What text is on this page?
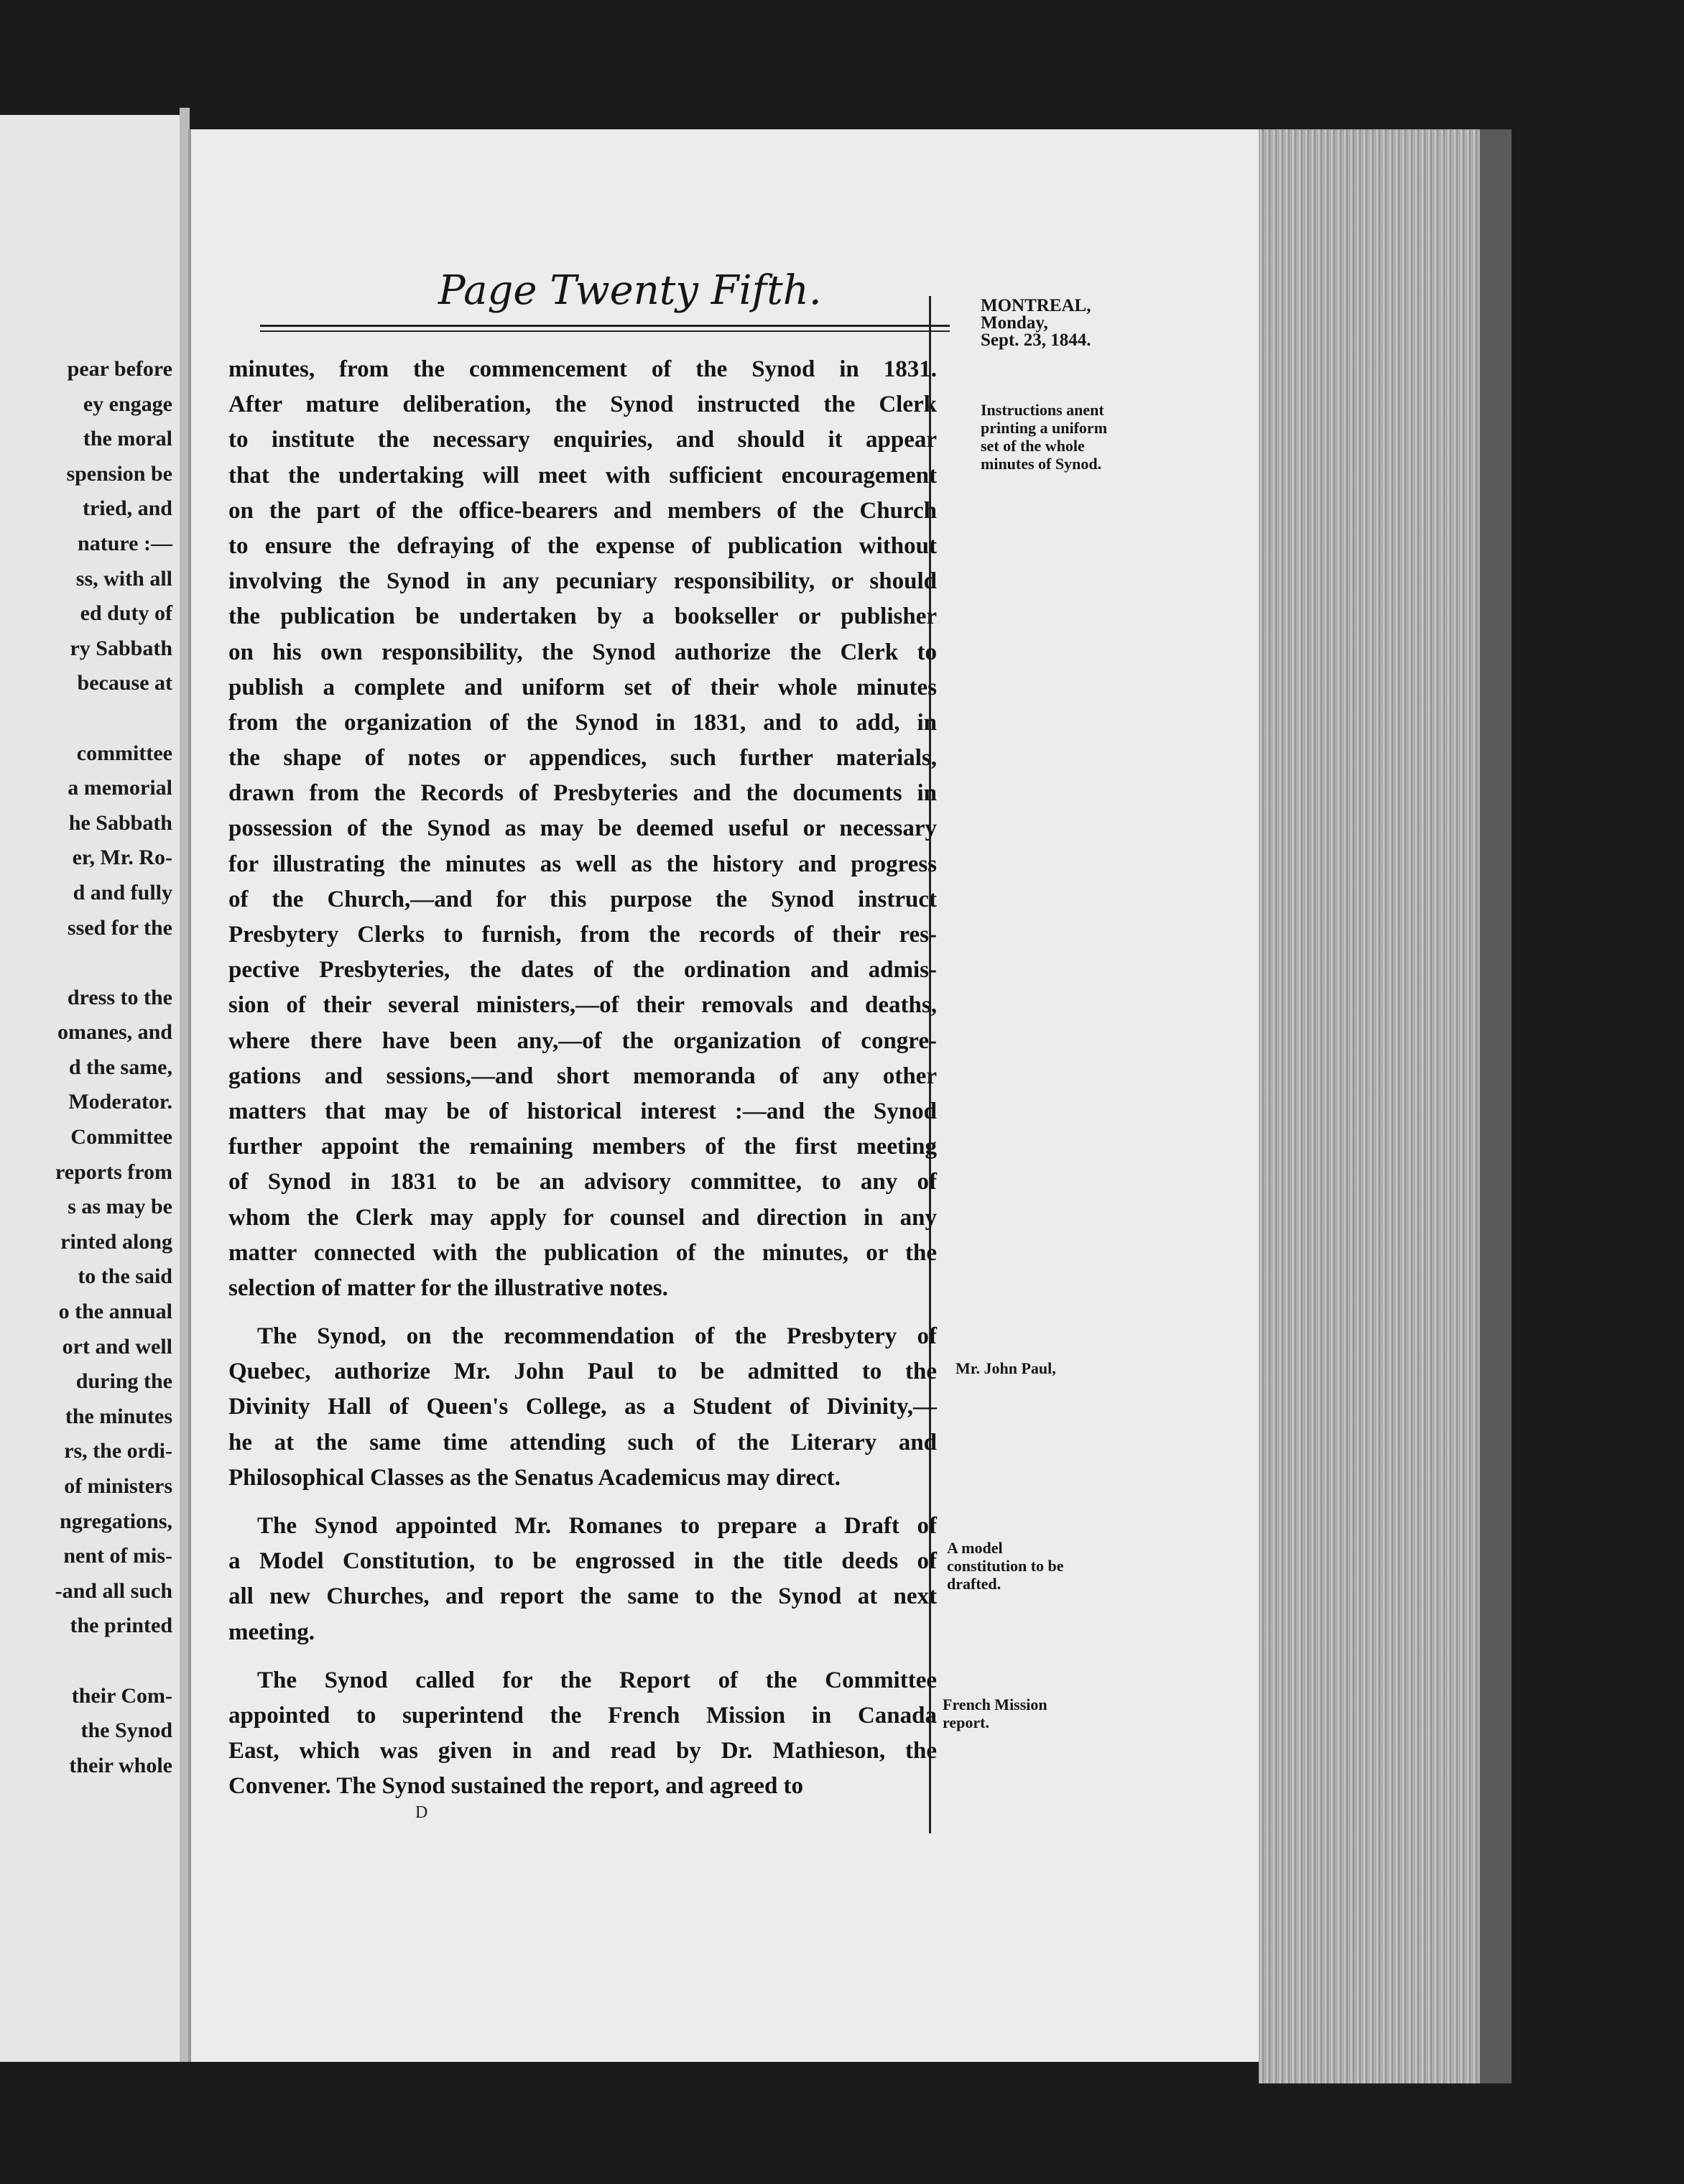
pear before
ey engage
the moral
spension be
tried, and
nature :—
ss, with all
ed duty of
ry Sabbath
because at
committee
a memorial
he Sabbath
er, Mr. Ro-
d and fully
ssed for the
dress to the
omanes, and
d the same,
Moderator.
Committee
reports from
s as may be
rinted along
to the said
o the annual
ort and well
during the
the minutes
rs, the ordi-
of ministers
ngregations,
nent of mis-
-and all such
the printed
their Com-
the Synod
their whole
Page Twenty Fifth.	MONTREAL,
Monday,
Sept. 23, 1844.
Instructions anent
printing a uniform
set of the whole
minutes of Synod.
Mr. John Paul,
A model
constitution to be
drafted.
French Mission
report.
minutes, from the commencement of the Synod in 1831.
After mature deliberation, the Synod instructed the Clerk
to institute the necessary enquiries, and should it appear
that the undertaking will meet with sufficient encouragement
on the part of the office-bearers and members of the Church
to ensure the defraying of the expense of publication without
involving the Synod in any pecuniary responsibility, or should
the publication be undertaken by a bookseller or publisher
on his own responsibility, the Synod authorize the Clerk to
publish a complete and uniform set of their whole minutes
from the organization of the Synod in 1831, and to add, in
the shape of notes or appendices, such further materials,
drawn from the Records of Presbyteries and the documents in
possession of the Synod as may be deemed useful or necessary
for illustrating the minutes as well as the history and progress
of the Church,—and for this purpose the Synod instruct
Presbytery Clerks to furnish, from the records of their res-
pective Presbyteries, the dates of the ordination and admis-
sion of their several ministers,—of their removals and deaths,
where there have been any,—of the organization of congre-
gations and sessions,—and short memoranda of any other
matters that may be of historical interest :—and the Synod
further appoint the remaining members of the first meeting
of Synod in 1831 to be an advisory committee, to any of
whom the Clerk may apply for counsel and direction in any
matter connected with the publication of the minutes, or the
selection of matter for the illustrative notes.
The Synod, on the recommendation of the Presbytery of
Quebec, authorize Mr. John Paul to be admitted to the
Divinity Hall of Queen's College, as a Student of Divinity,—
he at the same time attending such of the Literary and
Philosophical Classes as the Senatus Academicus may direct.
The Synod appointed Mr. Romanes to prepare a Draft of
a Model Constitution, to be engrossed in the title deeds of
all new Churches, and report the same to the Synod at next
meeting.
The Synod called for the Report of the Committee
appointed to superintend the French Mission in Canada
East, which was given in and read by Dr. Mathieson, the
Convener. The Synod sustained the report, and agreed to
D
